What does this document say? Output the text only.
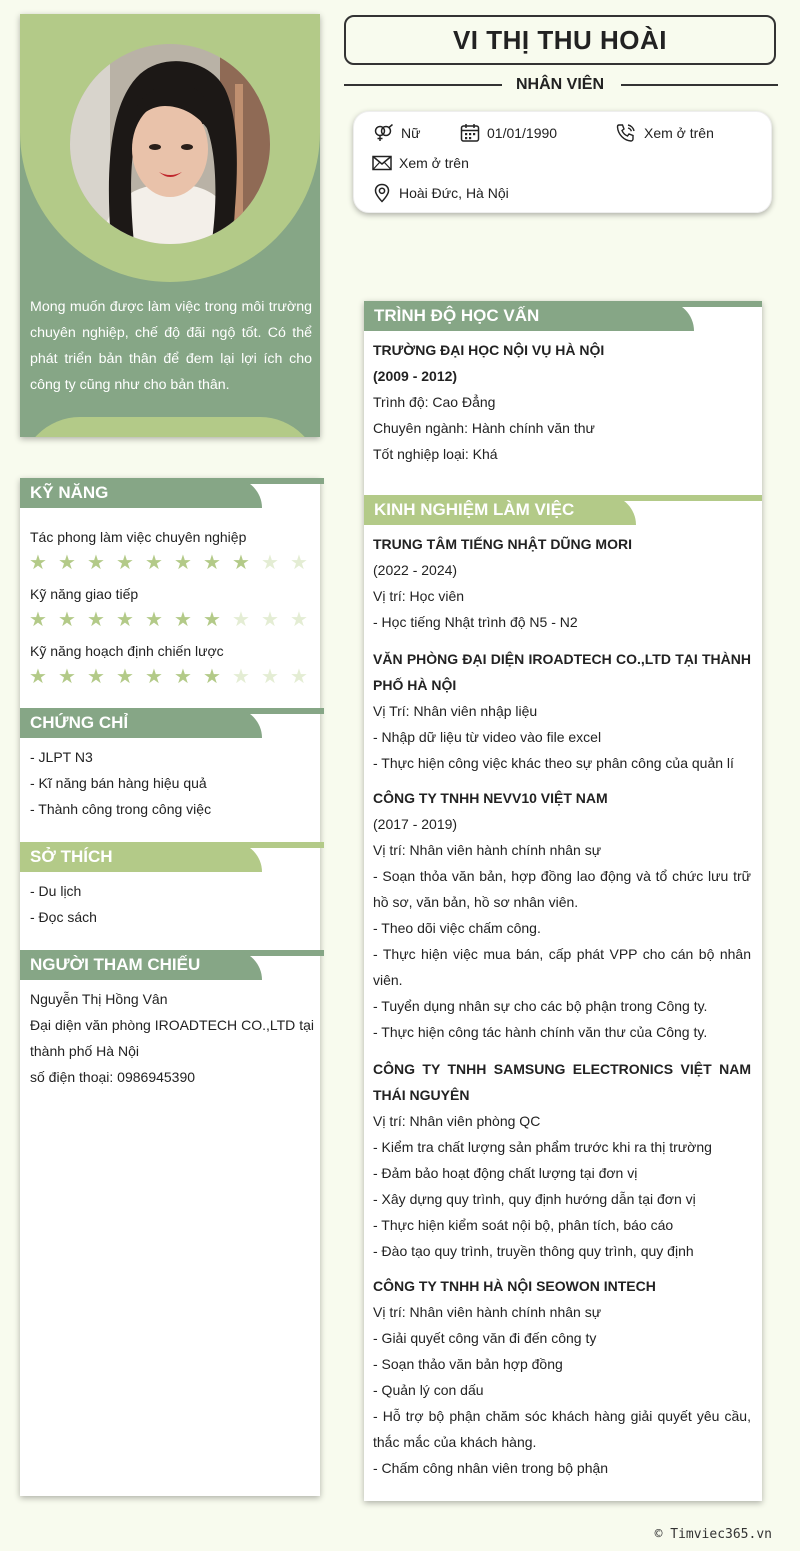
Mong muốn được làm việc trong môi trường chuyên nghiệp, chế độ đãi ngộ tốt. Có thể phát triển bản thân để đem lại lợi ích cho công ty cũng như cho bản thân.
KỸ NĂNG
Tác phong làm việc chuyên nghiệp
★ ★ ★ ★ ★ ★ ★ ★ ★ ★
Kỹ năng giao tiếp
★ ★ ★ ★ ★ ★ ★ ★ ★ ★
Kỹ năng hoạch định chiến lược
★ ★ ★ ★ ★ ★ ★ ★ ★ ★
CHỨNG CHỈ
- JLPT N3
- Kĩ năng bán hàng hiệu quả
- Thành công trong công việc
SỞ THÍCH
- Du lịch
- Đọc sách
NGƯỜI THAM CHIẾU
Nguyễn Thị Hồng Vân
Đại diện văn phòng IROADTECH CO.,LTD tại thành phố Hà Nội
số điện thoại: 0986945390
VI THỊ THU HOÀI
NHÂN VIÊN
Nữ	01/01/1990	Xem ở trên
Xem ở trên
Hoài Đức, Hà Nội
TRÌNH ĐỘ HỌC VẤN
TRƯỜNG ĐẠI HỌC NỘI VỤ HÀ NỘI
(2009 - 2012)
Trình độ: Cao Đẳng
Chuyên ngành: Hành chính văn thư
Tốt nghiệp loại: Khá
KINH NGHIỆM LÀM VIỆC
TRUNG TÂM TIẾNG NHẬT DŨNG MORI
(2022 - 2024)
Vị trí: Học viên
- Học tiếng Nhật trình độ N5 - N2
VĂN PHÒNG ĐẠI DIỆN IROADTECH CO.,LTD TẠI THÀNH PHỐ HÀ NỘI
Vị Trí: Nhân viên nhập liệu
- Nhập dữ liệu từ video vào file excel
- Thực hiện công việc khác theo sự phân công của quản lí
CÔNG TY TNHH NEVV10 VIỆT NAM
(2017 - 2019)
Vị trí: Nhân viên hành chính nhân sự
- Soạn thỏa văn bản, hợp đồng lao động và tổ chức lưu trữ hồ sơ, văn bản, hồ sơ nhân viên.
- Theo dõi việc chấm công.
- Thực hiện việc mua bán, cấp phát VPP cho cán bộ nhân viên.
- Tuyển dụng nhân sự cho các bộ phận trong Công ty.
- Thực hiện công tác hành chính văn thư của Công ty.
CÔNG TY TNHH SAMSUNG ELECTRONICS VIỆT NAM THÁI NGUYÊN
Vị trí: Nhân viên phòng QC
- Kiểm tra chất lượng sản phẩm trước khi ra thị trường
- Đảm bảo hoạt động chất lượng tại đơn vị
- Xây dựng quy trình, quy định hướng dẫn tại đơn vị
- Thực hiện kiểm soát nội bộ, phân tích, báo cáo
- Đào tạo quy trình, truyền thông quy trình, quy định
CÔNG TY TNHH HÀ NỘI SEOWON INTECH
Vị trí: Nhân viên hành chính nhân sự
- Giải quyết công văn đi đến công ty
- Soạn thảo văn bản hợp đồng
- Quản lý con dấu
- Hỗ trợ bộ phận chăm sóc khách hàng giải quyết yêu cầu, thắc mắc của khách hàng.
- Chấm công nhân viên trong bộ phận
© Timviec365.vn
